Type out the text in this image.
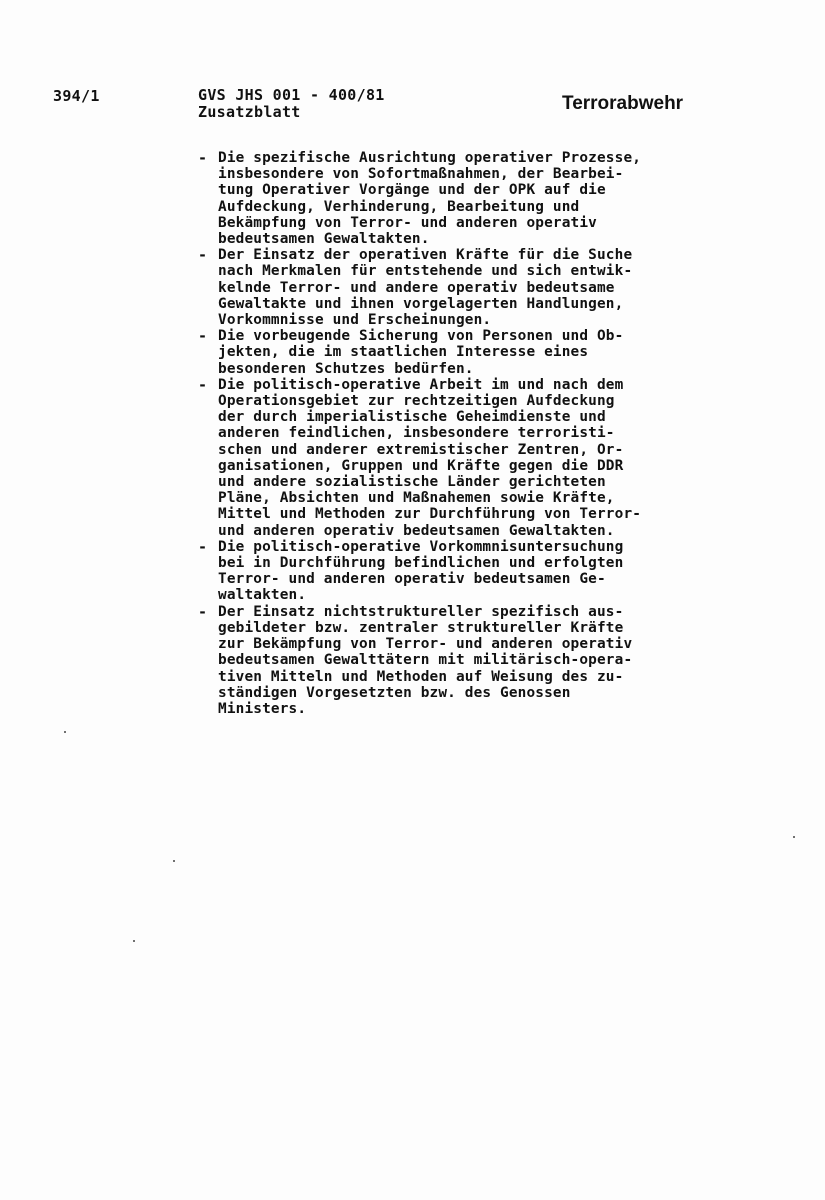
394/1	GVS JHS 001 - 400/81
Zusatzblatt	Terrorabwehr
- Die spezifische Ausrichtung operativer Prozesse,
insbesondere von Sofortmaßnahmen, der Bearbei-
tung Operativer Vorgänge und der OPK auf die
Aufdeckung, Verhinderung, Bearbeitung und
Bekämpfung von Terror- und anderen operativ
bedeutsamen Gewaltakten.
- Der Einsatz der operativen Kräfte für die Suche
nach Merkmalen für entstehende und sich entwik-
kelnde Terror- und andere operativ bedeutsame
Gewaltakte und ihnen vorgelagerten Handlungen,
Vorkommnisse und Erscheinungen.
- Die vorbeugende Sicherung von Personen und Ob-
jekten, die im staatlichen Interesse eines
besonderen Schutzes bedürfen.
- Die politisch-operative Arbeit im und nach dem
Operationsgebiet zur rechtzeitigen Aufdeckung
der durch imperialistische Geheimdienste und
anderen feindlichen, insbesondere terroristi-
schen und anderer extremistischer Zentren, Or-
ganisationen, Gruppen und Kräfte gegen die DDR
und andere sozialistische Länder gerichteten
Pläne, Absichten und Maßnahemen sowie Kräfte,
Mittel und Methoden zur Durchführung von Terror-
und anderen operativ bedeutsamen Gewaltakten.
- Die politisch-operative Vorkommnisuntersuchung
bei in Durchführung befindlichen und erfolgten
Terror- und anderen operativ bedeutsamen Ge-
waltakten.
- Der Einsatz nichtstruktureller spezifisch aus-
gebildeter bzw. zentraler struktureller Kräfte
zur Bekämpfung von Terror- und anderen operativ
bedeutsamen Gewalttätern mit militärisch-opera-
tiven Mitteln und Methoden auf Weisung des zu-
ständigen Vorgesetzten bzw. des Genossen
Ministers.
